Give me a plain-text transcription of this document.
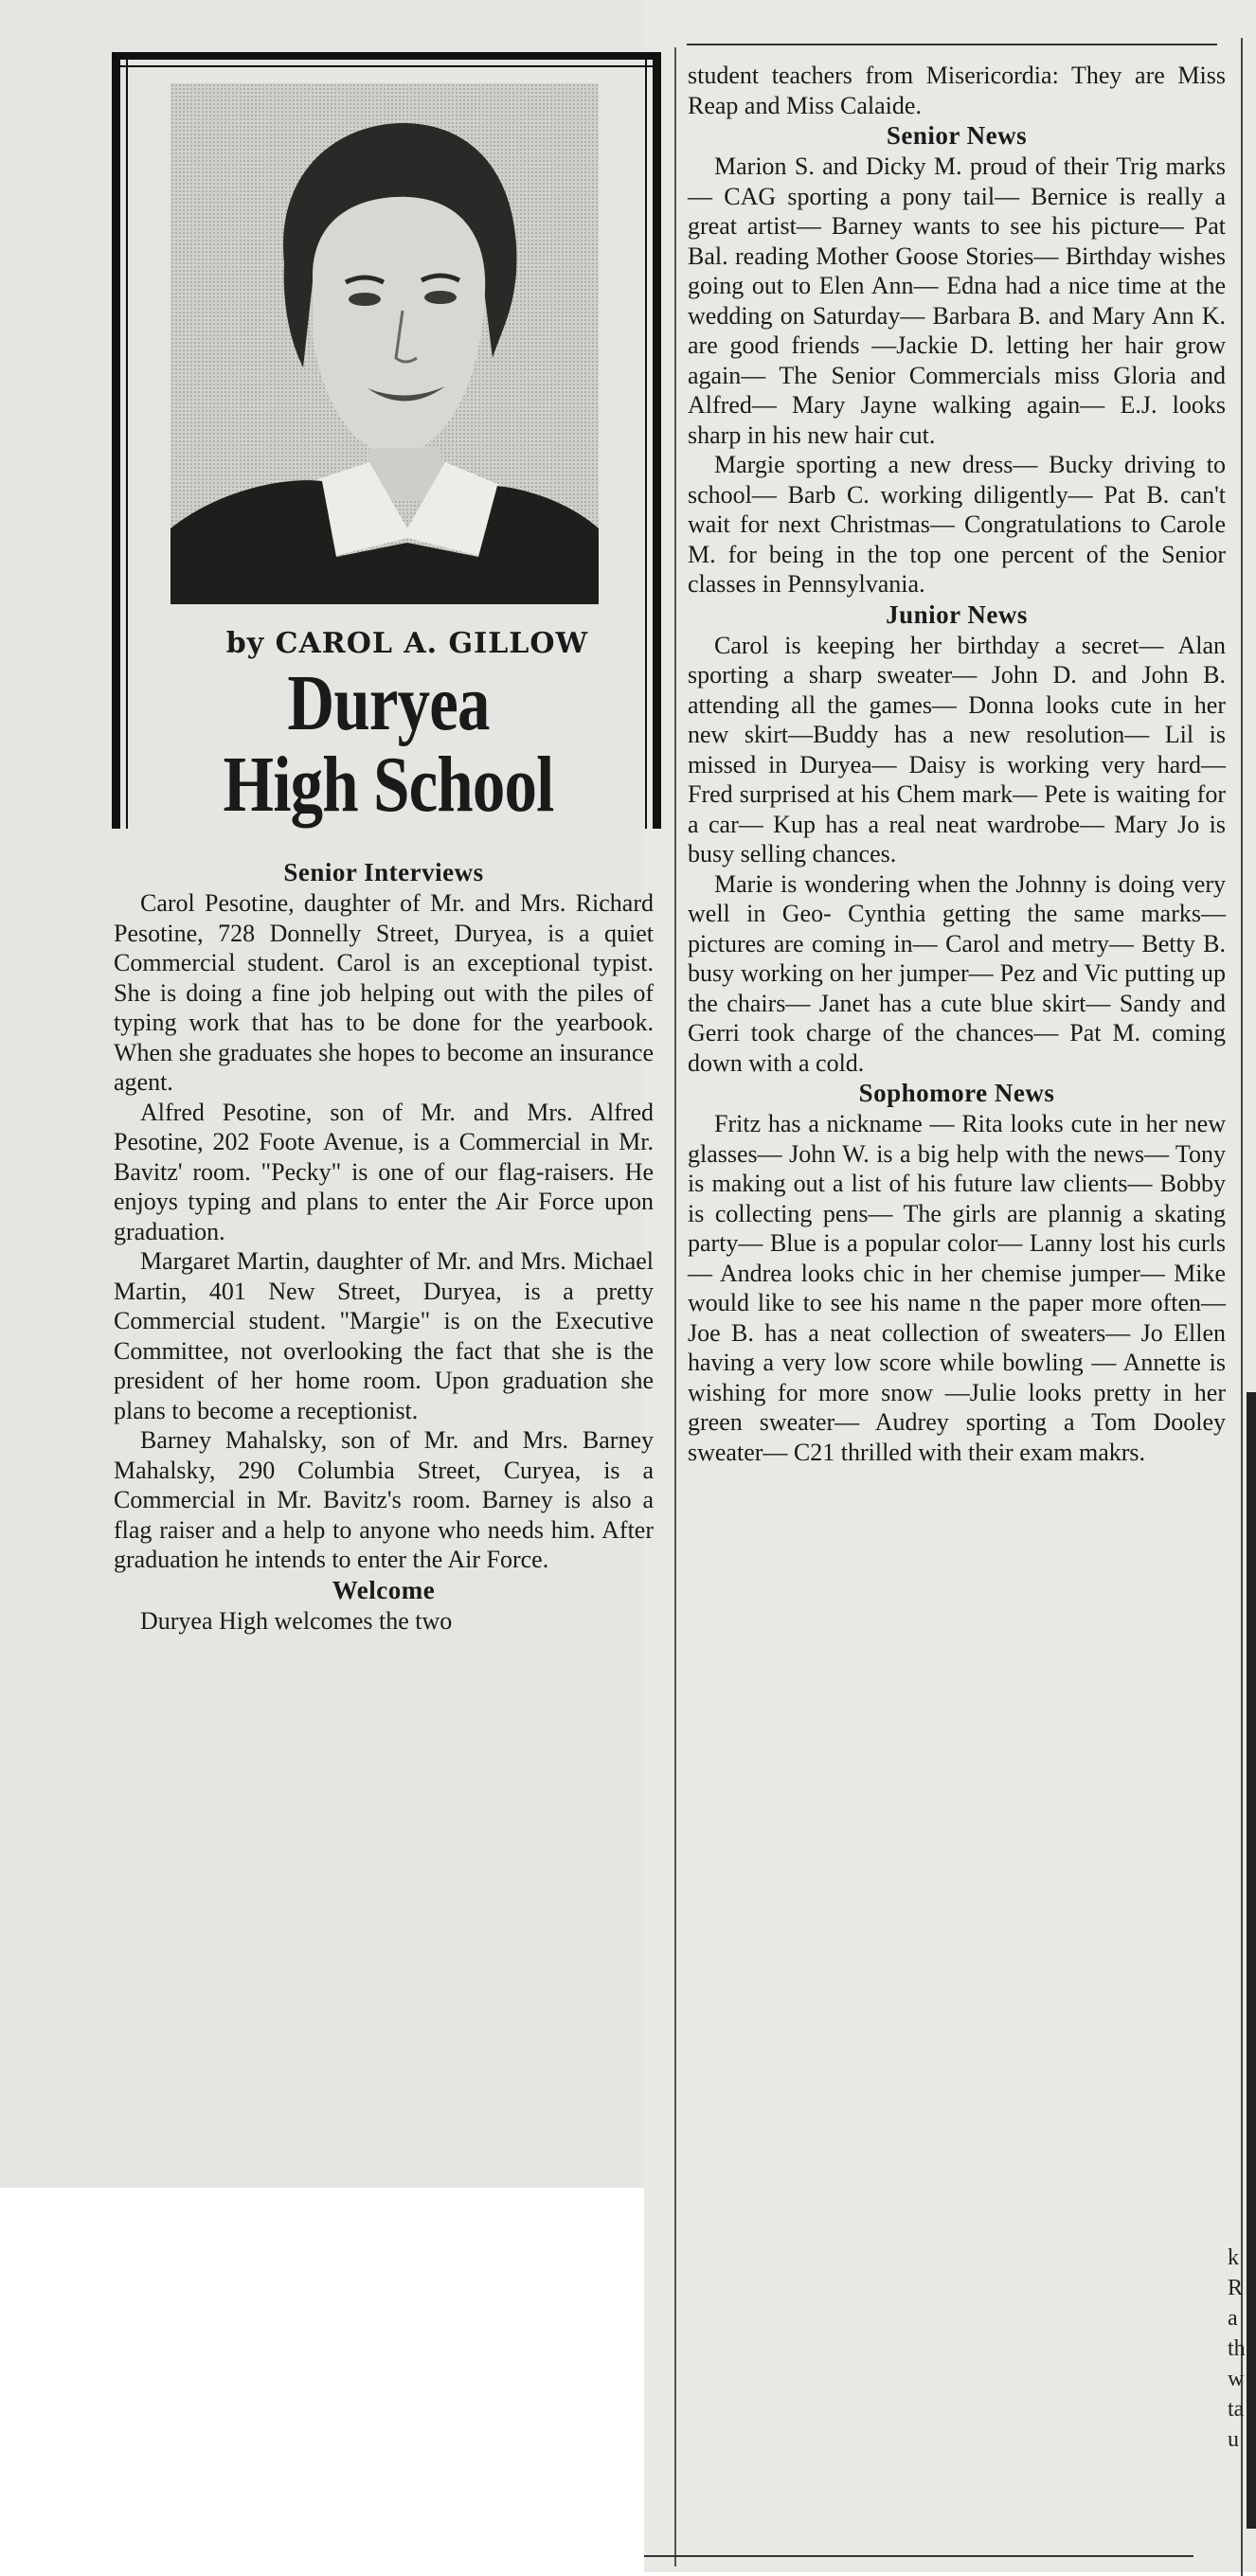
by CAROL A. GILLOW
Duryea
High School
Senior Interviews

Carol Pesotine, daughter of Mr. and Mrs. Richard Pesotine, 728 Donnelly Street, Duryea, is a quiet Commercial student. Carol is an exceptional typist. She is doing a fine job helping out with the piles of typing work that has to be done for the yearbook. When she graduates she hopes to become an insurance agent.

Alfred Pesotine, son of Mr. and Mrs. Alfred Pesotine, 202 Foote Avenue, is a Commercial in Mr. Bavitz' room. "Pecky" is one of our flag-raisers. He enjoys typing and plans to enter the Air Force upon graduation.

Margaret Martin, daughter of Mr. and Mrs. Michael Martin, 401 New Street, Duryea, is a pretty Commercial student. "Margie" is on the Executive Committee, not overlooking the fact that she is the president of her home room. Upon graduation she plans to become a receptionist.

Barney Mahalsky, son of Mr. and Mrs. Barney Mahalsky, 290 Columbia Street, Curyea, is a Commercial in Mr. Bavitz's room. Barney is also a flag raiser and a help to anyone who needs him. After graduation he intends to enter the Air Force.

Welcome

Duryea High welcomes the two

student teachers from Misericordia: They are Miss Reap and Miss Calaide.

Senior News

Marion S. and Dicky M. proud of their Trig marks— CAG sporting a pony tail— Bernice is really a great artist— Barney wants to see his picture— Pat Bal. reading Mother Goose Stories— Birthday wishes going out to Elen Ann— Edna had a nice time at the wedding on Saturday— Barbara B. and Mary Ann K. are good friends —Jackie D. letting her hair grow again— The Senior Commercials miss Gloria and Alfred— Mary Jayne walking again— E.J. looks sharp in his new hair cut.

Margie sporting a new dress— Bucky driving to school— Barb C. working diligently— Pat B. can't wait for next Christmas— Congratulations to Carole M. for being in the top one percent of the Senior classes in Pennsylvania.

Junior News

Carol is keeping her birthday a secret— Alan sporting a sharp sweater— John D. and John B. attending all the games— Donna looks cute in her new skirt—Buddy has a new resolution— Lil is missed in Duryea— Daisy is working very hard— Fred surprised at his Chem mark— Pete is waiting for a car— Kup has a real neat wardrobe— Mary Jo is busy selling chances.

Marie is wondering when the Johnny is doing very well in Geo- Cynthia getting the same marks— pictures are coming in— Carol and metry— Betty B. busy working on her jumper— Pez and Vic putting up the chairs— Janet has a cute blue skirt— Sandy and Gerri took charge of the chances— Pat M. coming down with a cold.

Sophomore News

Fritz has a nickname — Rita looks cute in her new glasses— John W. is a big help with the news— Tony is making out a list of his future law clients— Bobby is collecting pens— The girls are plannig a skating party— Blue is a popular color— Lanny lost his curls— Andrea looks chic in her chemise jumper— Mike would like to see his name n the paper more often— Joe B. has a neat collection of sweaters— Jo Ellen having a very low score while bowling — Annette is wishing for more snow —Julie looks pretty in her green sweater— Audrey sporting a Tom Dooley sweater— C21 thrilled with their exam makrs.

k
R
a
th
w
ta
u
